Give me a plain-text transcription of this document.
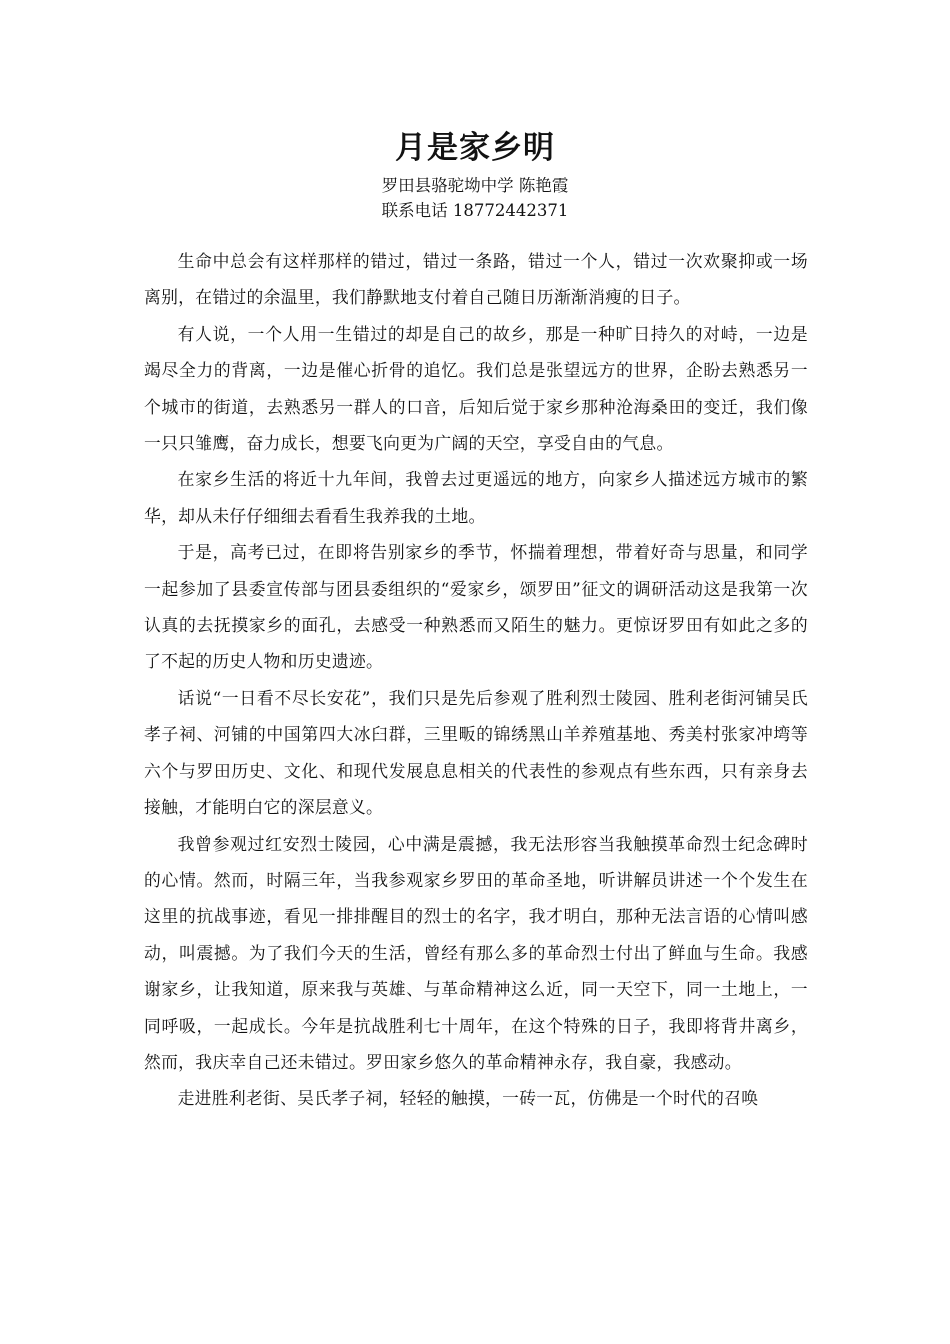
月是家乡明

罗田县骆驼坳中学 陈艳霞

联系电话 18772442371

生命中总会有这样那样的错过，错过一条路，错过一个人，错过一次欢聚抑或一场离别，在错过的余温里，我们静默地支付着自己随日历渐渐消瘦的日子。

有人说，一个人用一生错过的却是自己的故乡，那是一种旷日持久的对峙，一边是竭尽全力的背离，一边是催心折骨的追忆。我们总是张望远方的世界，企盼去熟悉另一个城市的街道，去熟悉另一群人的口音，后知后觉于家乡那种沧海桑田的变迁，我们像一只只雏鹰，奋力成长，想要飞向更为广阔的天空，享受自由的气息。

在家乡生活的将近十九年间，我曾去过更遥远的地方，向家乡人描述远方城市的繁华，却从未仔仔细细去看看生我养我的土地。

于是，高考已过，在即将告别家乡的季节，怀揣着理想，带着好奇与思量，和同学一起参加了县委宣传部与团县委组织的“爱家乡，颂罗田”征文的调研活动这是我第一次认真的去抚摸家乡的面孔，去感受一种熟悉而又陌生的魅力。更惊讶罗田有如此之多的了不起的历史人物和历史遗迹。

话说“一日看不尽长安花”，我们只是先后参观了胜利烈士陵园、胜利老街河铺吴氏孝子祠、河铺的中国第四大冰臼群，三里畈的锦绣黑山羊养殖基地、秀美村张家冲塆等六个与罗田历史、文化、和现代发展息息相关的代表性的参观点有些东西，只有亲身去接触，才能明白它的深层意义。

我曾参观过红安烈士陵园，心中满是震撼，我无法形容当我触摸革命烈士纪念碑时的心情。然而，时隔三年，当我参观家乡罗田的革命圣地，听讲解员讲述一个个发生在这里的抗战事迹，看见一排排醒目的烈士的名字，我才明白，那种无法言语的心情叫感动，叫震撼。为了我们今天的生活，曾经有那么多的革命烈士付出了鲜血与生命。我感谢家乡，让我知道，原来我与英雄、与革命精神这么近，同一天空下，同一土地上，一同呼吸，一起成长。今年是抗战胜利七十周年，在这个特殊的日子，我即将背井离乡，然而，我庆幸自己还未错过。罗田家乡悠久的革命精神永存，我自豪，我感动。

走进胜利老街、吴氏孝子祠，轻轻的触摸，一砖一瓦，仿佛是一个时代的召唤
